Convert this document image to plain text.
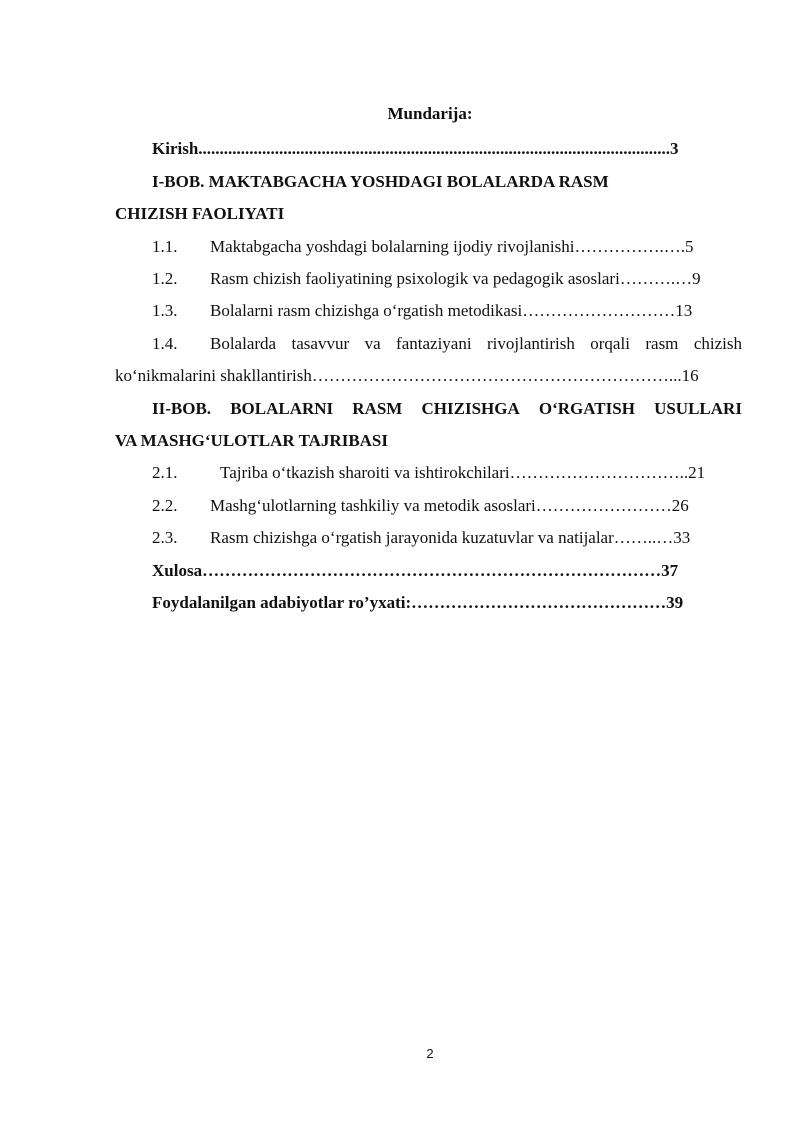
Mundarija:
Kirish...............................................................................................................3
I-BOB. MAKTABGACHA YOSHDAGI BOLALARDA RASM
CHIZISH FAOLIYATI
1.1.	Maktabgacha yoshdagi bolalarning ijodiy rivojlanishi…………….….5
1.2.	Rasm chizish faoliyatining psixologik va pedagogik asoslari……….…9
1.3.	Bolalarni rasm chizishga o‘rgatish metodikasi………………………13
1.4.	Bolalarda tasavvur va fantaziyani rivojlantirish orqali rasm chizish
ko‘nikmalarini shakllantirish………………………………………………………...16
II-BOB. BOLALARNI RASM CHIZISHGA O‘RGATISH USULLARI
VA MASHG‘ULOTLAR TAJRIBASI
2.1.	Tajriba o‘tkazish sharoiti va ishtirokchilari…………………………..21
2.2.	Mashg‘ulotlarning tashkiliy va metodik asoslari……………………26
2.3.	Rasm chizishga o‘rgatish jarayonida kuzatuvlar va natijalar……..…33
Xulosa………………………………………………………………………37
Foydalanilgan adabiyotlar ro’yxati:………………………………………39
2
